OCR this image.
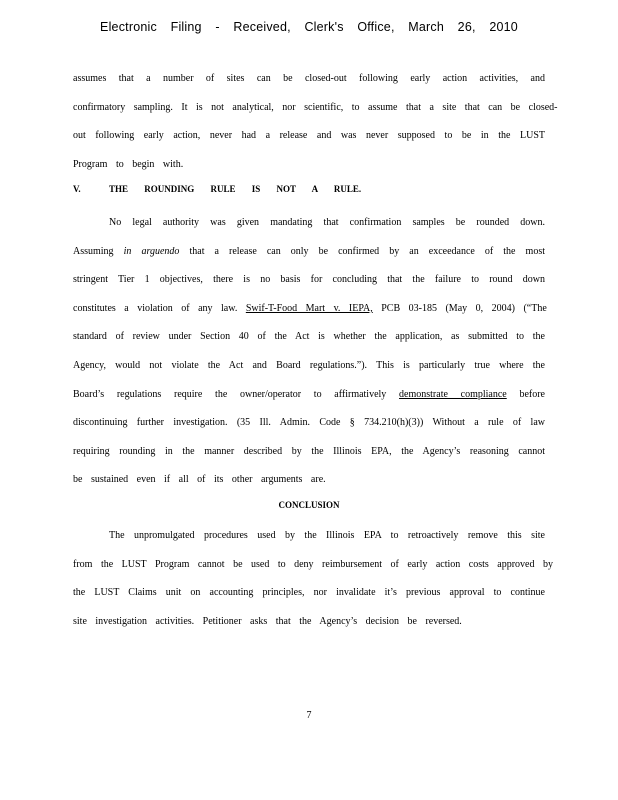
Electronic Filing - Received, Clerk's Office, March 26, 2010
assumes that a number of sites can be closed-out following early action activities, and
confirmatory sampling. It is not analytical, nor scientific, to assume that a site that can be closed-
out following early action, never had a release and was never supposed to be in the LUST
Program to begin with.
V.	THE ROUNDING RULE IS NOT A RULE.
No legal authority was given mandating that confirmation samples be rounded down.
Assuming in arguendo that a release can only be confirmed by an exceedance of the most
stringent Tier 1 objectives, there is no basis for concluding that the failure to round down
constitutes a violation of any law. Swif-T-Food Mart v. IEPA, PCB 03-185 (May 0, 2004) (“The
standard of review under Section 40 of the Act is whether the application, as submitted to the
Agency, would not violate the Act and Board regulations.”). This is particularly true where the
Board’s regulations require the owner/operator to affirmatively demonstrate compliance before
discontinuing further investigation. (35 Ill. Admin. Code § 734.210(h)(3)) Without a rule of law
requiring rounding in the manner described by the Illinois EPA, the Agency’s reasoning cannot
be sustained even if all of its other arguments are.
CONCLUSION
The unpromulgated procedures used by the Illinois EPA to retroactively remove this site
from the LUST Program cannot be used to deny reimbursement of early action costs approved by
the LUST Claims unit on accounting principles, nor invalidate it’s previous approval to continue
site investigation activities. Petitioner asks that the Agency’s decision be reversed.
7
